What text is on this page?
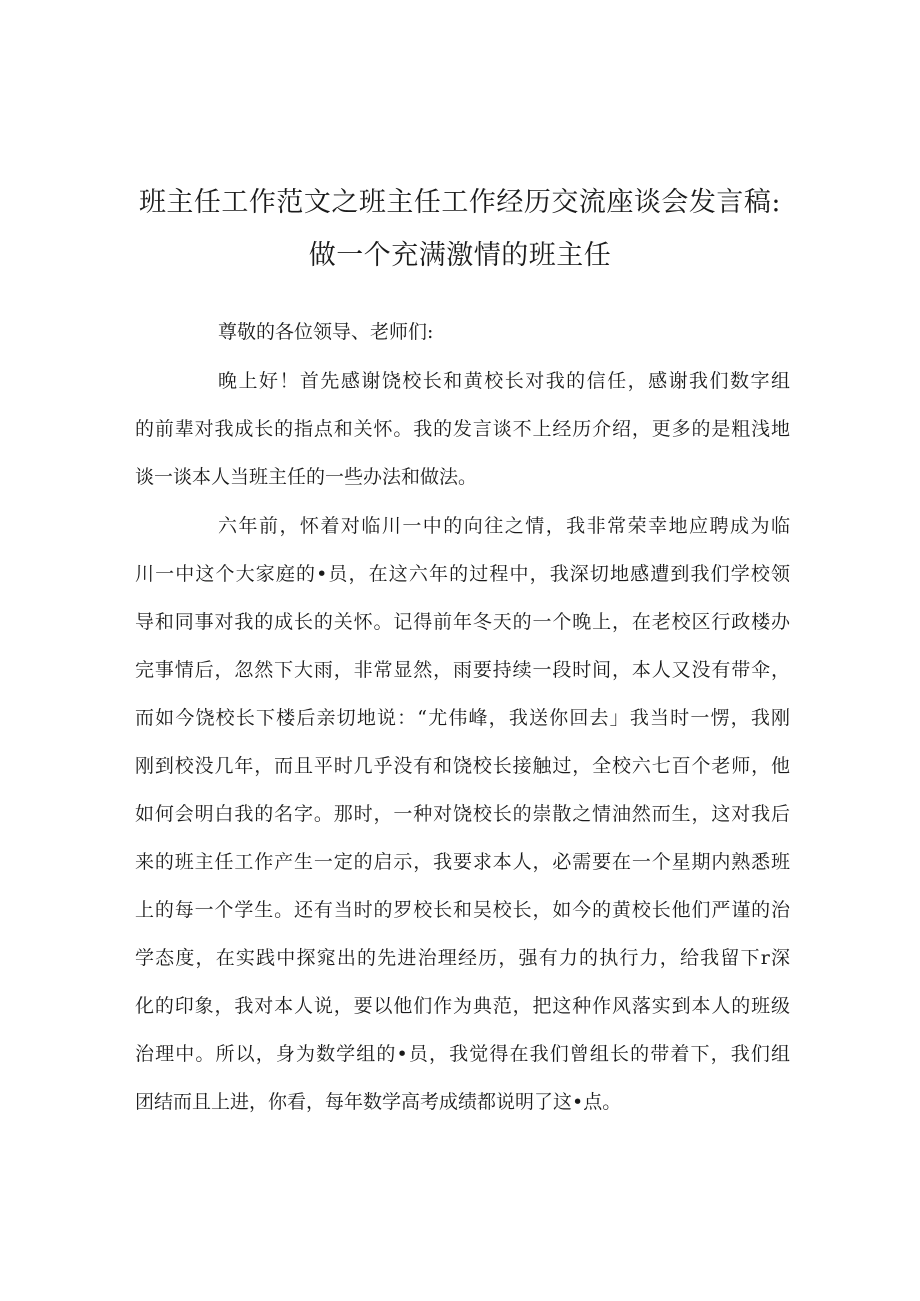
班主任工作范文之班主任工作经历交流座谈会发言稿:
做一个充满激情的班主任

尊敬的各位领导、老师们:

晚上好！首先感谢饶校长和黄校长对我的信任，感谢我们数字组

的前辈对我成长的指点和关怀。我的发言谈不上经历介绍，更多的是粗浅地

谈一谈本人当班主任的一些办法和做法。

六年前，怀着对临川一中的向往之情，我非常荣幸地应聘成为临

川一中这个大家庭的•员，在这六年的过程中，我深切地感遭到我们学校领

导和同事对我的成长的关怀。记得前年冬天的一个晚上，在老校区行政楼办

完事情后，忽然下大雨，非常显然，雨要持续一段时间，本人又没有带伞，

而如今饶校长下楼后亲切地说：“尤伟峰，我送你回去」我当时一愣，我刚

刚到校没几年，而且平时几乎没有和饶校长接触过，全校六七百个老师，他

如何会明白我的名字。那时，一种对饶校长的崇散之情油然而生，这对我后

来的班主任工作产生一定的启示，我要求本人，必需要在一个星期内熟悉班

上的每一个学生。还有当时的罗校长和吴校长，如今的黄校长他们严谨的治

学态度，在实践中探窕出的先进治理经历，强有力的执行力，给我留下r深

化的印象，我对本人说，要以他们作为典范，把这种作风落实到本人的班级

治理中。所以，身为数学组的•员，我觉得在我们曾组长的带着下，我们组

团结而且上进，你看，每年数学高考成绩都说明了这•点。
